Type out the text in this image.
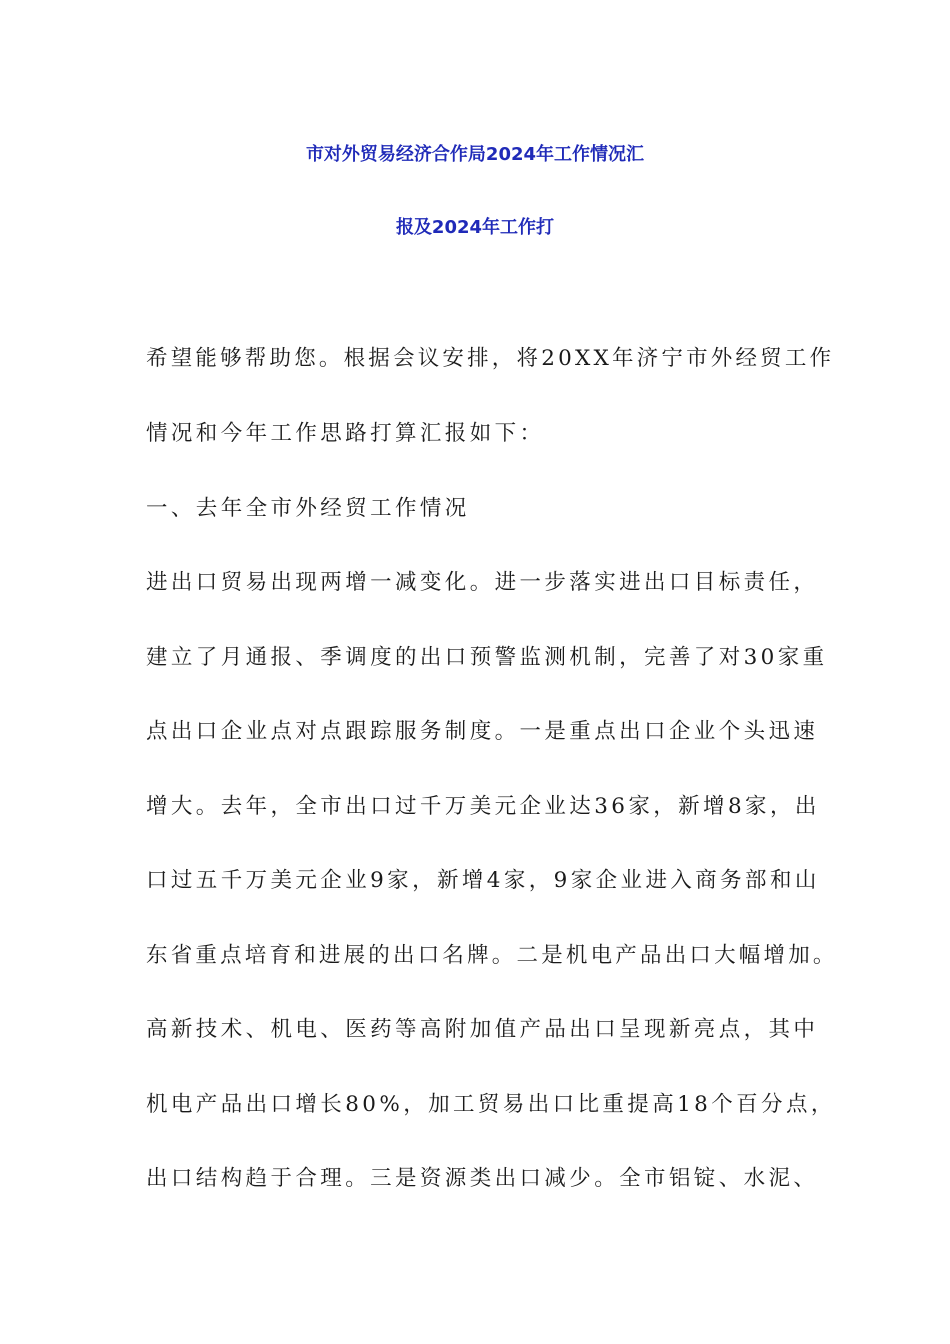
市对外贸易经济合作局2024年工作情况汇
报及2024年工作打
希望能够帮助您。根据会议安排，将20XX年济宁市外经贸工作
情况和今年工作思路打算汇报如下：
一、去年全市外经贸工作情况
进出口贸易出现两增一减变化。进一步落实进出口目标责任，
建立了月通报、季调度的出口预警监测机制，完善了对30家重
点出口企业点对点跟踪服务制度。一是重点出口企业个头迅速
增大。去年，全市出口过千万美元企业达36家，新增8家，出
口过五千万美元企业9家，新增4家，9家企业进入商务部和山
东省重点培育和进展的出口名牌。二是机电产品出口大幅增加。
高新技术、机电、医药等高附加值产品出口呈现新亮点，其中
机电产品出口增长80%，加工贸易出口比重提高18个百分点，
出口结构趋于合理。三是资源类出口减少。全市铝锭、水泥、
